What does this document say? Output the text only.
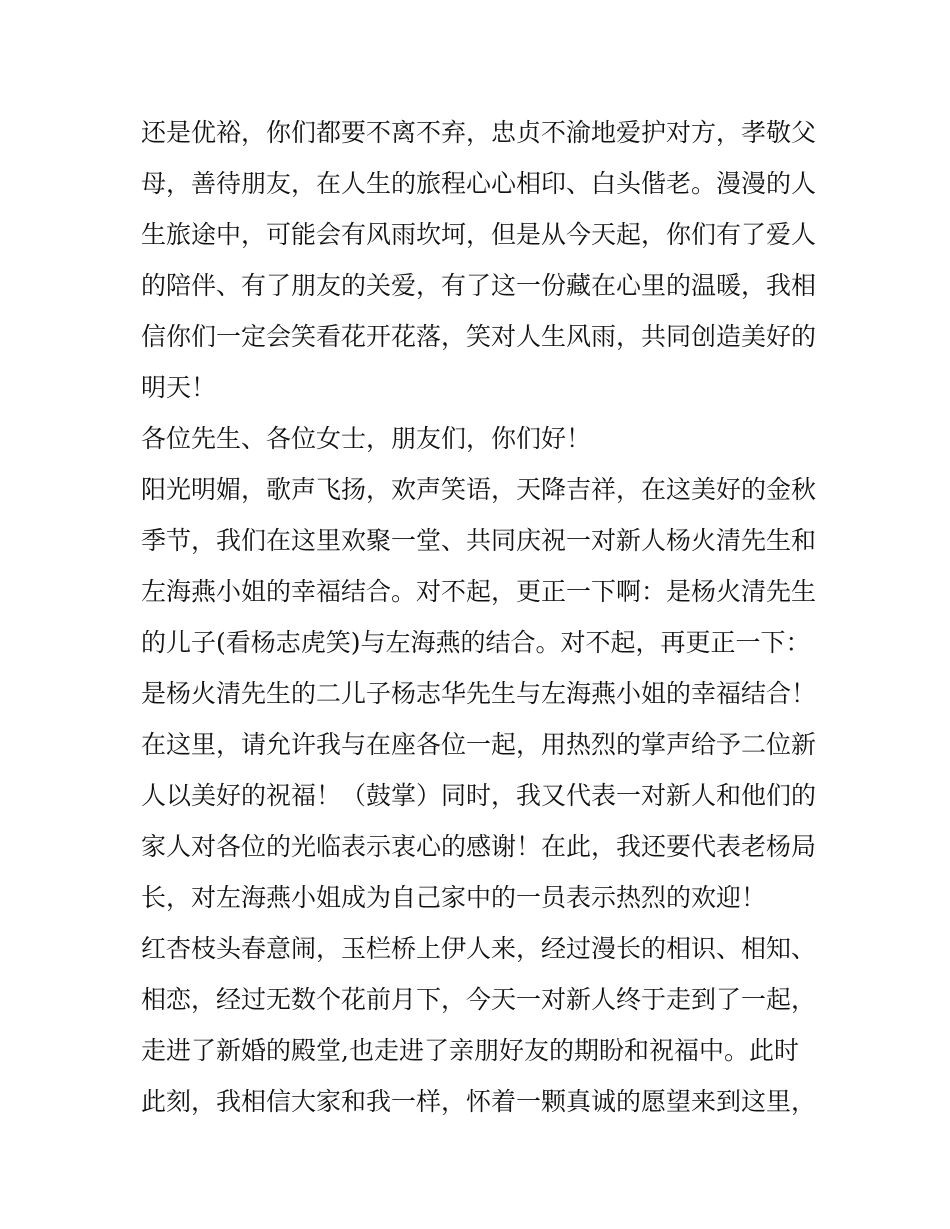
还是优裕，你们都要不离不弃，忠贞不渝地爱护对方，孝敬父
母，善待朋友，在人生的旅程心心相印、白头偕老。漫漫的人
生旅途中，可能会有风雨坎坷，但是从今天起，你们有了爱人
的陪伴、有了朋友的关爱，有了这一份藏在心里的温暖，我相
信你们一定会笑看花开花落，笑对人生风雨，共同创造美好的
明天！
各位先生、各位女士，朋友们，你们好！
阳光明媚，歌声飞扬，欢声笑语，天降吉祥，在这美好的金秋
季节，我们在这里欢聚一堂、共同庆祝一对新人杨火清先生和
左海燕小姐的幸福结合。对不起，更正一下啊：是杨火清先生
的儿子(看杨志虎笑)与左海燕的结合。对不起，再更正一下：
是杨火清先生的二儿子杨志华先生与左海燕小姐的幸福结合！
在这里，请允许我与在座各位一起，用热烈的掌声给予二位新
人以美好的祝福！（鼓掌）同时，我又代表一对新人和他们的
家人对各位的光临表示衷心的感谢！在此，我还要代表老杨局
长，对左海燕小姐成为自己家中的一员表示热烈的欢迎！
红杏枝头春意闹，玉栏桥上伊人来，经过漫长的相识、相知、
相恋，经过无数个花前月下，今天一对新人终于走到了一起，
走进了新婚的殿堂,也走进了亲朋好友的期盼和祝福中。此时
此刻，我相信大家和我一样，怀着一颗真诚的愿望来到这里，
